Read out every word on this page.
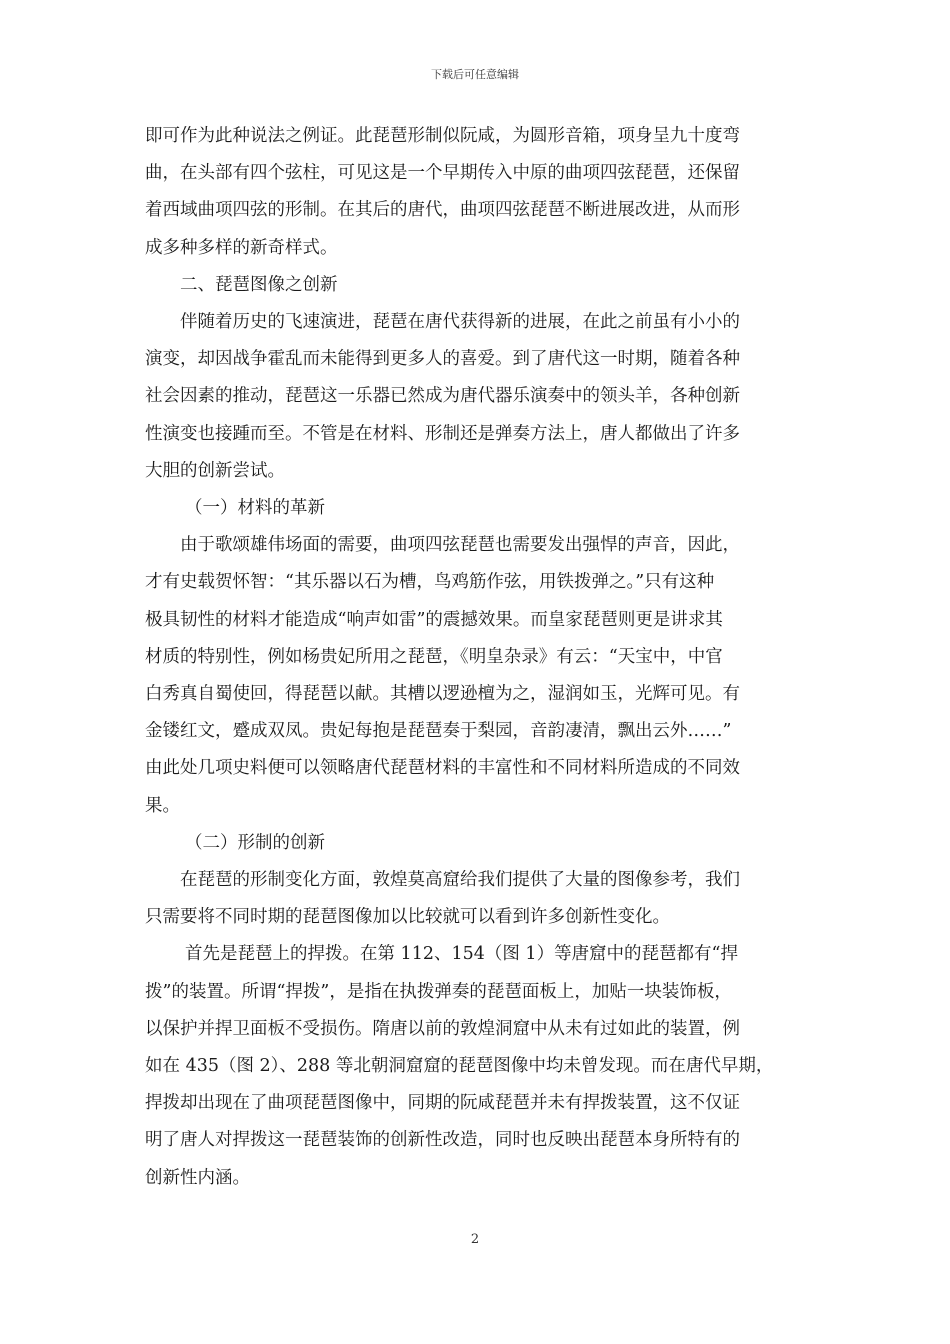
下载后可任意编辑
即可作为此种说法之例证。此琵琶形制似阮咸，为圆形音箱，项身呈九十度弯
曲，在头部有四个弦柱，可见这是一个早期传入中原的曲项四弦琵琶，还保留
着西域曲项四弦的形制。在其后的唐代，曲项四弦琵琶不断进展改进，从而形
成多种多样的新奇样式。
二、琵琶图像之创新
伴随着历史的飞速演进，琵琶在唐代获得新的进展，在此之前虽有小小的
演变，却因战争霍乱而未能得到更多人的喜爱。到了唐代这一时期，随着各种
社会因素的推动，琵琶这一乐器已然成为唐代器乐演奏中的领头羊，各种创新
性演变也接踵而至。不管是在材料、形制还是弹奏方法上，唐人都做出了许多
大胆的创新尝试。
（一）材料的革新
由于歌颂雄伟场面的需要，曲项四弦琵琶也需要发出强悍的声音，因此，
才有史载贺怀智：“其乐器以石为槽，鸟鸡筋作弦，用铁拨弹之。”只有这种
极具韧性的材料才能造成“响声如雷”的震撼效果。而皇家琵琶则更是讲求其
材质的特别性，例如杨贵妃所用之琵琶，《明皇杂录》有云：“天宝中，中官
白秀真自蜀使回，得琵琶以献。其槽以逻逊檀为之，湿润如玉，光辉可见。有
金镂红文，蹙成双凤。贵妃每抱是琵琶奏于梨园，音韵凄清，飘出云外……”
由此处几项史料便可以领略唐代琵琶材料的丰富性和不同材料所造成的不同效
果。
（二）形制的创新
在琵琶的形制变化方面，敦煌莫高窟给我们提供了大量的图像参考，我们
只需要将不同时期的琵琶图像加以比较就可以看到许多创新性变化。
首先是琵琶上的捍拨。在第 112、154（图 1）等唐窟中的琵琶都有“捍
拨”的装置。所谓“捍拨”，是指在执拨弹奏的琵琶面板上，加贴一块装饰板，
以保护并捍卫面板不受损伤。隋唐以前的敦煌洞窟中从未有过如此的装置，例
如在 435（图 2）、288 等北朝洞窟窟的琵琶图像中均未曾发现。而在唐代早期，
捍拨却出现在了曲项琵琶图像中，同期的阮咸琵琶并未有捍拨装置，这不仅证
明了唐人对捍拨这一琵琶装饰的创新性改造，同时也反映出琵琶本身所特有的
创新性内涵。
2
